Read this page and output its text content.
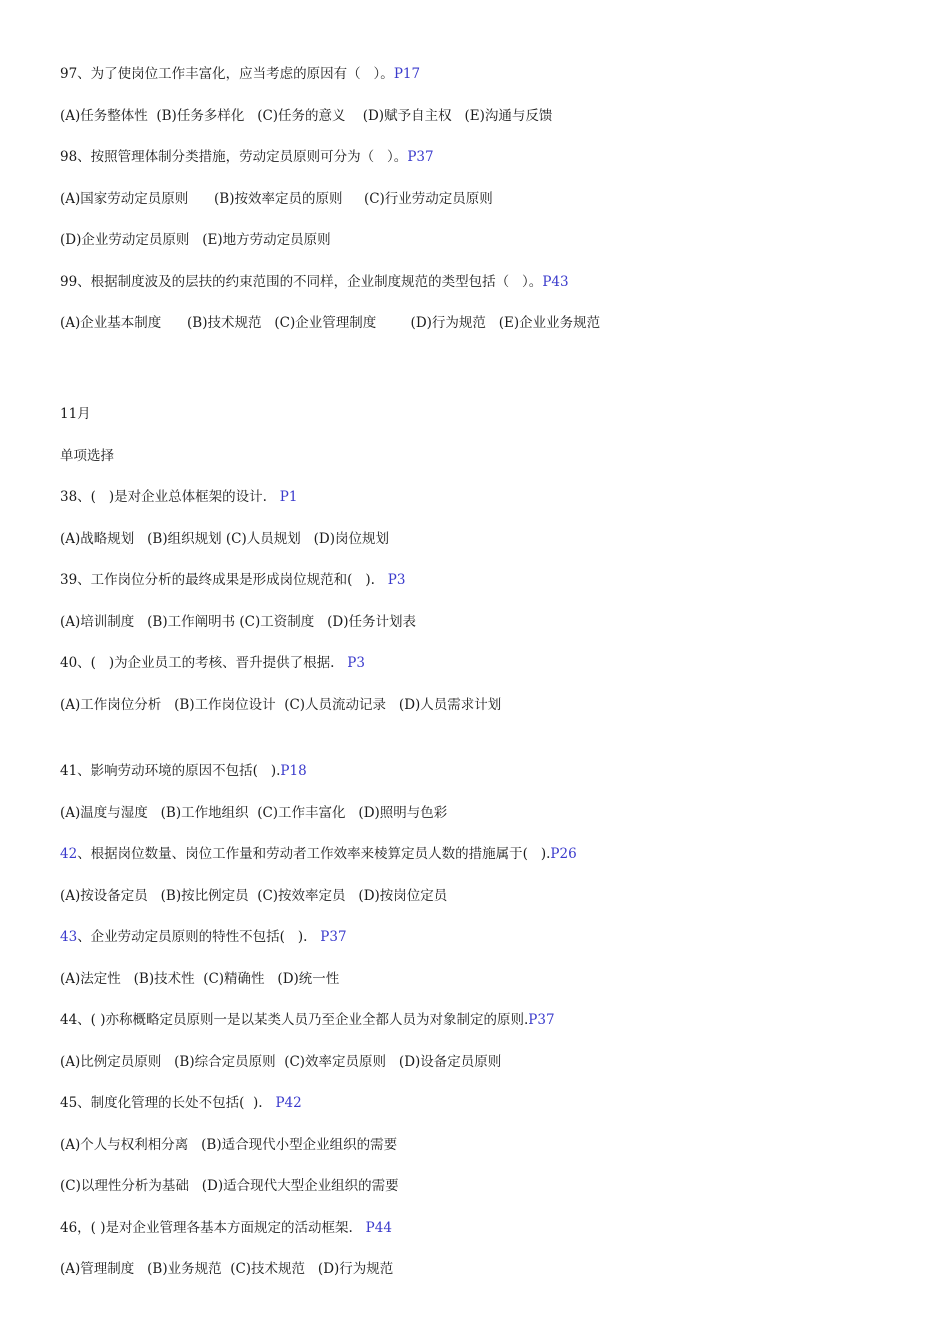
97、为了使岗位工作丰富化，应当考虑的原因有（   ）。P17
(A)任务整体性  (B)任务多样化   (C)任务的意义    (D)赋予自主权   (E)沟通与反馈
98、按照管理体制分类措施，劳动定员原则可分为（   ）。P37
(A)国家劳动定员原则      (B)按效率定员的原则     (C)行业劳动定员原则
(D)企业劳动定员原则   (E)地方劳动定员原则
99、根据制度波及的层扶的约束范围的不同样，企业制度规范的类型包括（   ）。P43
(A)企业基本制度      (B)技术规范   (C)企业管理制度        (D)行为规范   (E)企业业务规范
11月
单项选择
38、(   )是对企业总体框架的设计.   P1
(A)战略规划   (B)组织规划 (C)人员规划   (D)岗位规划
39、工作岗位分析的最终成果是形成岗位规范和(   ).   P3
(A)培训制度   (B)工作阐明书 (C)工资制度   (D)任务计划表
40、(   )为企业员工的考核、晋升提供了根据.   P3
(A)工作岗位分析   (B)工作岗位设计  (C)人员流动记录   (D)人员需求计划
41、影响劳动环境的原因不包括(   ).P18
(A)温度与湿度   (B)工作地组织  (C)工作丰富化   (D)照明与色彩
42、根据岗位数量、岗位工作量和劳动者工作效率来棱算定员人数的措施属于(   ).P26
(A)按设备定员   (B)按比例定员  (C)按效率定员   (D)按岗位定员
43、企业劳动定员原则的特性不包括(   ).   P37
(A)法定性   (B)技术性  (C)精确性   (D)统一性
44、( )亦称概略定员原则一是以某类人员乃至企业全都人员为对象制定的原则.P37
(A)比例定员原则   (B)综合定员原则  (C)效率定员原则   (D)设备定员原则
45、制度化管理的长处不包括(  ).   P42
(A)个人与权利相分离   (B)适合现代小型企业组织的需要
(C)以理性分析为基础   (D)适合现代大型企业组织的需要
46，( )是对企业管理各基本方面规定的活动框架.   P44
(A)管理制度   (B)业务规范  (C)技术规范   (D)行为规范
